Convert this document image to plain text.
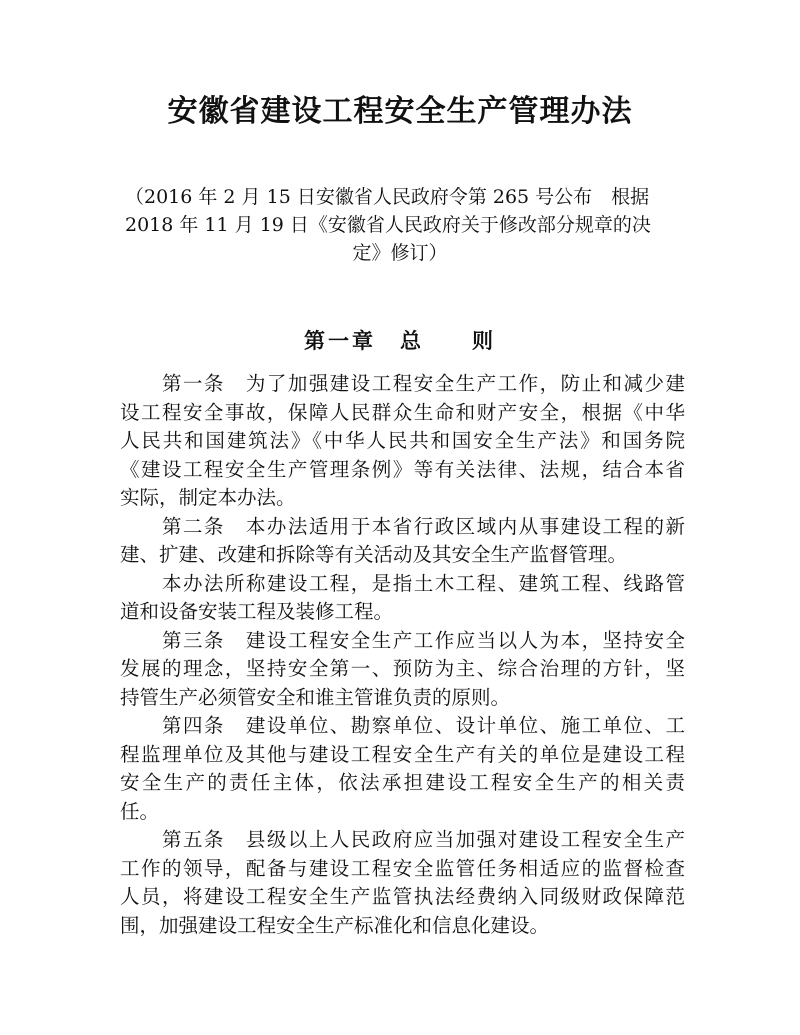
安徽省建设工程安全生产管理办法
（2016 年 2 月 15 日安徽省人民政府令第 265 号公布　根据
2018 年 11 月 19 日《安徽省人民政府关于修改部分规章的决
定》修订）
第一章　总　　则
　　第一条　为了加强建设工程安全生产工作，防止和减少建
设工程安全事故，保障人民群众生命和财产安全，根据《中华
人民共和国建筑法》《中华人民共和国安全生产法》和国务院
《建设工程安全生产管理条例》等有关法律、法规，结合本省
实际，制定本办法。
　　第二条　本办法适用于本省行政区域内从事建设工程的新
建、扩建、改建和拆除等有关活动及其安全生产监督管理。
　　本办法所称建设工程，是指土木工程、建筑工程、线路管
道和设备安装工程及装修工程。
　　第三条　建设工程安全生产工作应当以人为本，坚持安全
发展的理念，坚持安全第一、预防为主、综合治理的方针，坚
持管生产必须管安全和谁主管谁负责的原则。
　　第四条　建设单位、勘察单位、设计单位、施工单位、工
程监理单位及其他与建设工程安全生产有关的单位是建设工程
安全生产的责任主体，依法承担建设工程安全生产的相关责
任。
　　第五条　县级以上人民政府应当加强对建设工程安全生产
工作的领导，配备与建设工程安全监管任务相适应的监督检查
人员，将建设工程安全生产监管执法经费纳入同级财政保障范
围，加强建设工程安全生产标准化和信息化建设。
